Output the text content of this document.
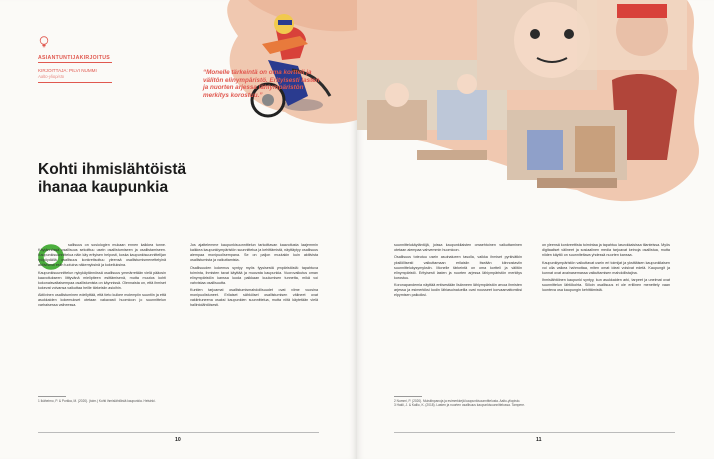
ASIANTUNTIJAKIRJOITUS
KIRJOITTAJA: PILVI NUMMI
Aalto-yliopisto
“Monelle tärkeintä on oma kortteli ja välitön elinympäristö. Erityisesti lasten ja nuorten arjessa lähiympäristön merkitys korostuu.”
Kohti ihmislähtöistä
ihanaa kaupunkia

sallisuus on sosiologien mukaan ennen kaikkea tunne. Käytännössä osallisuus sekoittuu usein osallistumiseen ja osallistamiseen. Kaupunkisuunnittelua näin käy erityisen helposti, koska kaupunkisuunnittelijan työpöydällä osallisuus konkretisoituu yleensä osallistumismenettelyinä aktiivisesti esiin tuotuina näkemyksinä ja kokeiluksina.

Kaupunkisuunnittelun nykykäytännössä osallisuus ymmärretään vielä pääosin kaavoitukseen liittyvänä mielipiteen esittämisenä, mutta muutos kohti kokonaisvaltaisempaa osallistumista on käynnissä. Olennaista on, että ihmiset kokevat voivansa vaikuttaa heille tärkeisiin asioihin.

Aktiivinen osallistuminen edellyttää, että tieto kulkee molempiin suuntiin ja että asukkaiden kokemukset otetaan vakavasti huomioon jo suunnittelun varhaisessa vaiheessa.

Jos ajattelemme kaupunkisuunnittelun tarkoittavan kaavoitusta laajemmin kaikkea kaupunkiympäristön suunnittelua ja kehittämistä, näyttäytyy osallisuus aiempaa monipuolisempana. Se on paljon muutakin kuin aktiivista osallistumista ja vaikuttamista.

Osallisuuden kokemus syntyy myös fyysisestä ympäristöstä: tapahtuva toiminta, ihmisten tavat käyttää ja muovata kaupunkia. Vuorovaikutus oman elinympäristön kanssa luoda paikkaan kuulumisen tunnetta, mikä voi vahvistaa osallisuutta.

Kuntien tarjoamat osallistumismahdollisuudet ovat viime vuosina monipuolistuneet. Erilaiset sähköiset osallistumisen välineet ovat vakiintuneena osaksi kaupunkien suunnittelua, mutta niitä käytetään vielä hallintolähtöisesti.

1 Ikäheimo, P. & Porkka, M. (2020). (toim.) Kohti ihmislähtöistä kaupunkia. Helsinki.
10

suunnittelukäytäntöjä, joissa kaupunkilaisten omaehtoinen vaikuttaminen otetaan aiempaa vahvemmin huomioon.

Osallisuus toteutuu usein asuinalueen tasolla, vaikka ihmiset pyrkivätkin yksilöllisesti vaikuttamaan erilaisiin itseään kiinnostaviin suunnittelukysymyksiin. Monelle tärkeintä on oma kortteli ja välitön elinympäristö. Erityisesti lasten ja nuorten arjessa lähiympäristön merkitys korostuu.

Koronapandemia näyttää entisestään lisänneen lähiympäristön arvoa ihmisten arjessa ja esimerkiksi kodin lähiasuinalueilla ovat nousseet korvaamattomiksi elpymisen paikoiksi.

on yleensä konkreettista toimintaa ja tapahtuu lasvokkaisissa tilanteissa. Myös digitaaliset välineet ja sosiaalinen media tarjoavat keinoja osallistua, mutta niiden käyttö on suunniteltava yhdessä nuorten kanssa.

Kaupunkiympäristön vaikuttavat usein eri toimijat ja yksittäisen kaupunkilaisen voi olla vaikea hahmottaa, miten omat ideat voisivat edetä. Kaupungit ja kunnat ovat avainasemassa vaikuttamisen mahdollistajina.

Ihmislähtöinen kaupunki syntyy, kun asukkaiden arki, tarpeet ja unelmat ovat suunnittelun lähtökohta. Silloin osallisuus ei ole erillinen menettely vaan luonteva osa kaupungin kehittämistä.

2 Nummi, P. (2020). Muistiinpanoja ja esimerkkejä kaupunkisuunnittelusta. Aalto-yliopisto.
3 Hakli, J. & Kallio, K. (2018). Lasten ja nuorten osallisuus kaupunkisuunnittelussa. Tampere.
11
